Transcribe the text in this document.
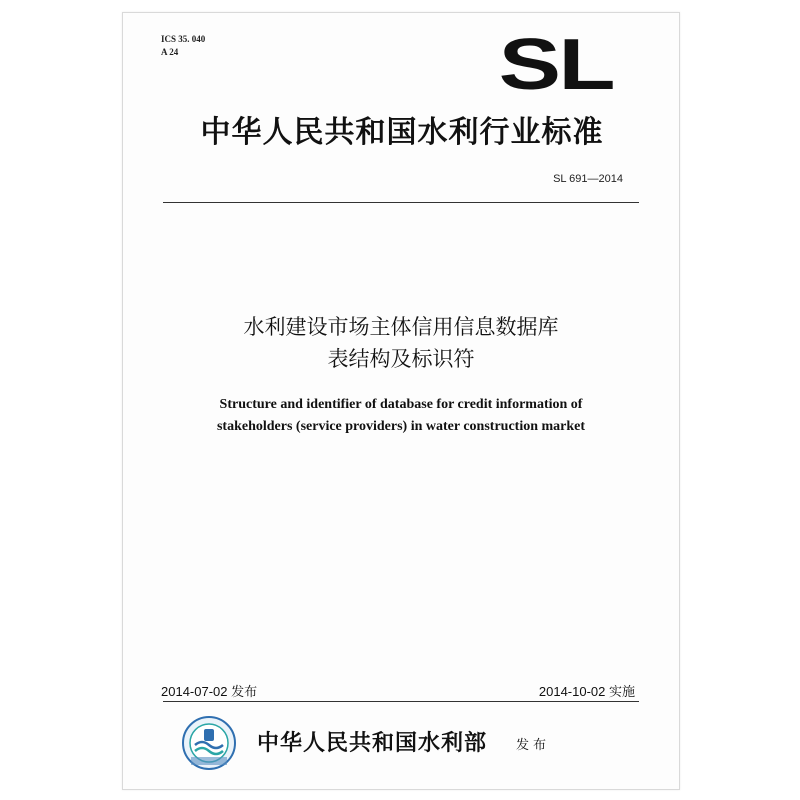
ICS 35. 040
A 24	SL
中华人民共和国水利行业标准
SL 691—2014
水利建设市场主体信用信息数据库
表结构及标识符
Structure and identifier of database for credit information of
stakeholders (service providers) in water construction market
2014-07-02 发布	2014-10-02 实施
中华人民共和国水利部 发布
